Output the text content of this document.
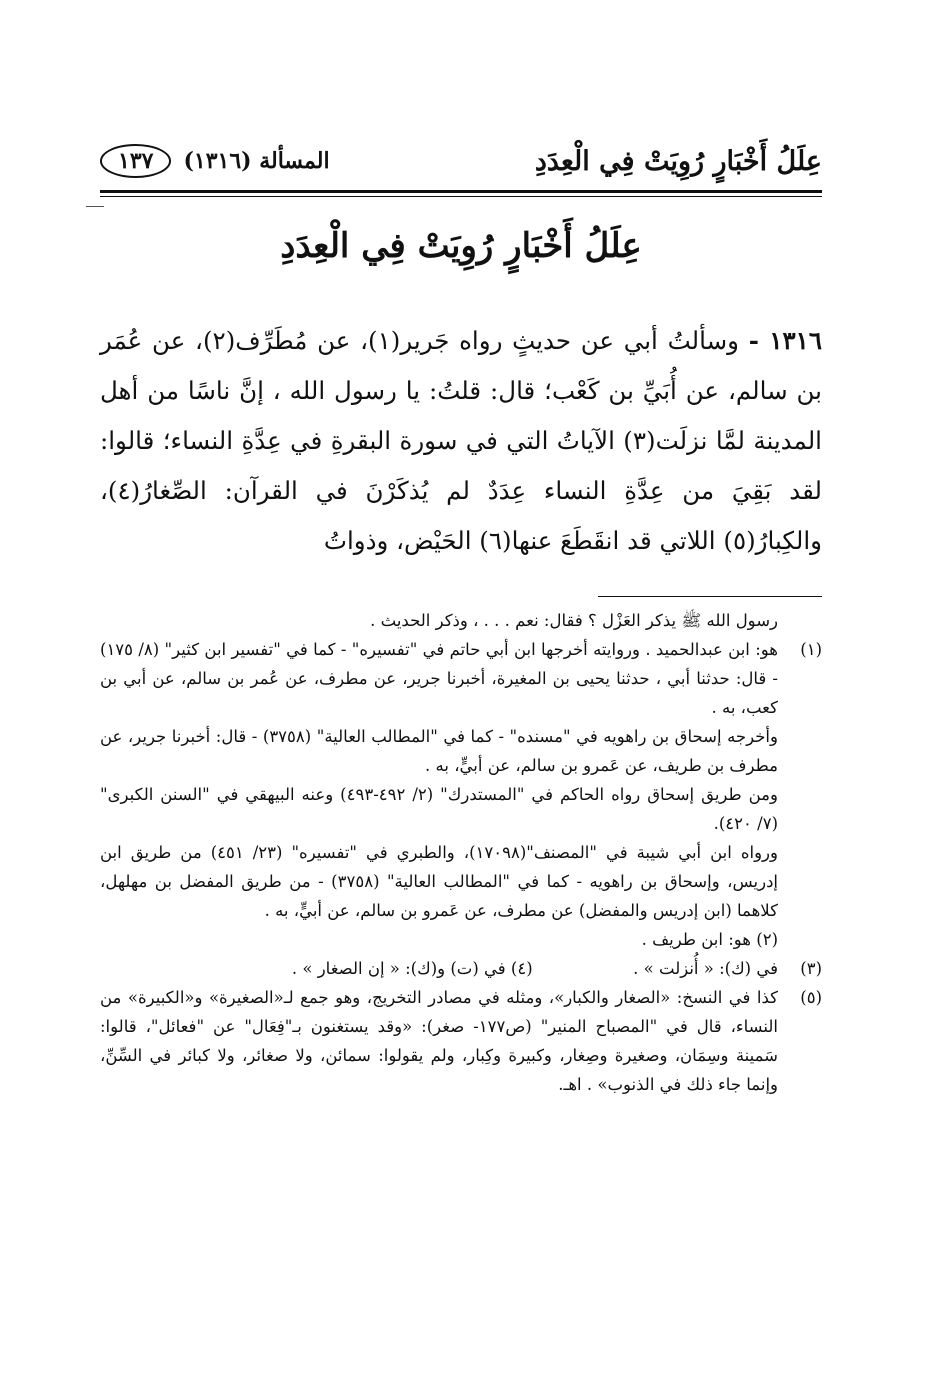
عِلَلُ أَخْبَارٍ رُوِيَتْ فِي الْعِدَدِ
المسألة (١٣١٦)
١٣٧
عِلَلُ أَخْبَارٍ رُوِيَتْ فِي الْعِدَدِ
١٣١٦ - وسألتُ أبي عن حديثٍ رواه جَرير(١)، عن مُطَرِّف(٢)، عن عُمَر بن سالم، عن أُبَيِّ بن كَعْب؛ قال: قلتُ: يا رسول الله ، إنَّ ناسًا من أهل المدينة لمَّا نزلَت(٣) الآياتُ التي في سورة البقرةِ في عِدَّةِ النساء؛ قالوا: لقد بَقِيَ من عِدَّةِ النساء عِدَدٌ لم يُذكَرْنَ في القرآن: الصِّغارُ(٤)، والكِبارُ(٥) اللاتي قد انقَطَعَ عنها(٦) الحَيْض، وذواتُ

رسول الله ﷺ يذكر العَزْل ؟ فقال: نعم . . . ، وذكر الحديث .

(١)

هو: ابن عبدالحميد . وروايته أخرجها ابن أبي حاتم في "تفسيره" - كما في "تفسير ابن كثير" (٨/ ١٧٥) - قال: حدثنا أبي ، حدثنا يحيى بن المغيرة، أخبرنا جرير، عن مطرف، عن عُمر بن سالم، عن أبي بن كعب، به .

وأخرجه إسحاق بن راهويه في "مسنده" - كما في "المطالب العالية" (٣٧٥٨) - قال: أخبرنا جرير، عن مطرف بن طريف، عن عَمرو بن سالم، عن أبيٍّ، به .

ومن طريق إسحاق رواه الحاكم في "المستدرك" (٢/ ٤٩٢-٤٩٣) وعنه البيهقي في "السنن الكبرى" (٧/ ٤٢٠).

ورواه ابن أبي شيبة في "المصنف"(١٧٠٩٨)، والطبري في "تفسيره" (٢٣/ ٤٥١) من طريق ابن إدريس، وإسحاق بن راهويه - كما في "المطالب العالية" (٣٧٥٨) - من طريق المفضل بن مهلهل، كلاهما (ابن إدريس والمفضل) عن مطرف، عن عَمرو بن سالم، عن أبيٍّ، به .

(٢) هو: ابن طريف .
(٣)
في (ك): « أُنزلت » .  (٤) في (ت) و(ك): « إن الصغار » .
(٥)

كذا في النسخ: «الصغار والكبار»، ومثله في مصادر التخريج، وهو جمع لـ«الصغيرة» و«الكبيرة» من النساء، قال في "المصباح المنير" (ص١٧٧- صغر): «وقد يستغنون بـ"فِعَال" عن "فعائل"، قالوا: سَمينة وسِمَان، وصغيرة وصِغار، وكبيرة وكِبار، ولم يقولوا: سمائن، ولا صغائر، ولا كبائر في السِّنِّ، وإنما جاء ذلك في الذنوب» . اهـ.
